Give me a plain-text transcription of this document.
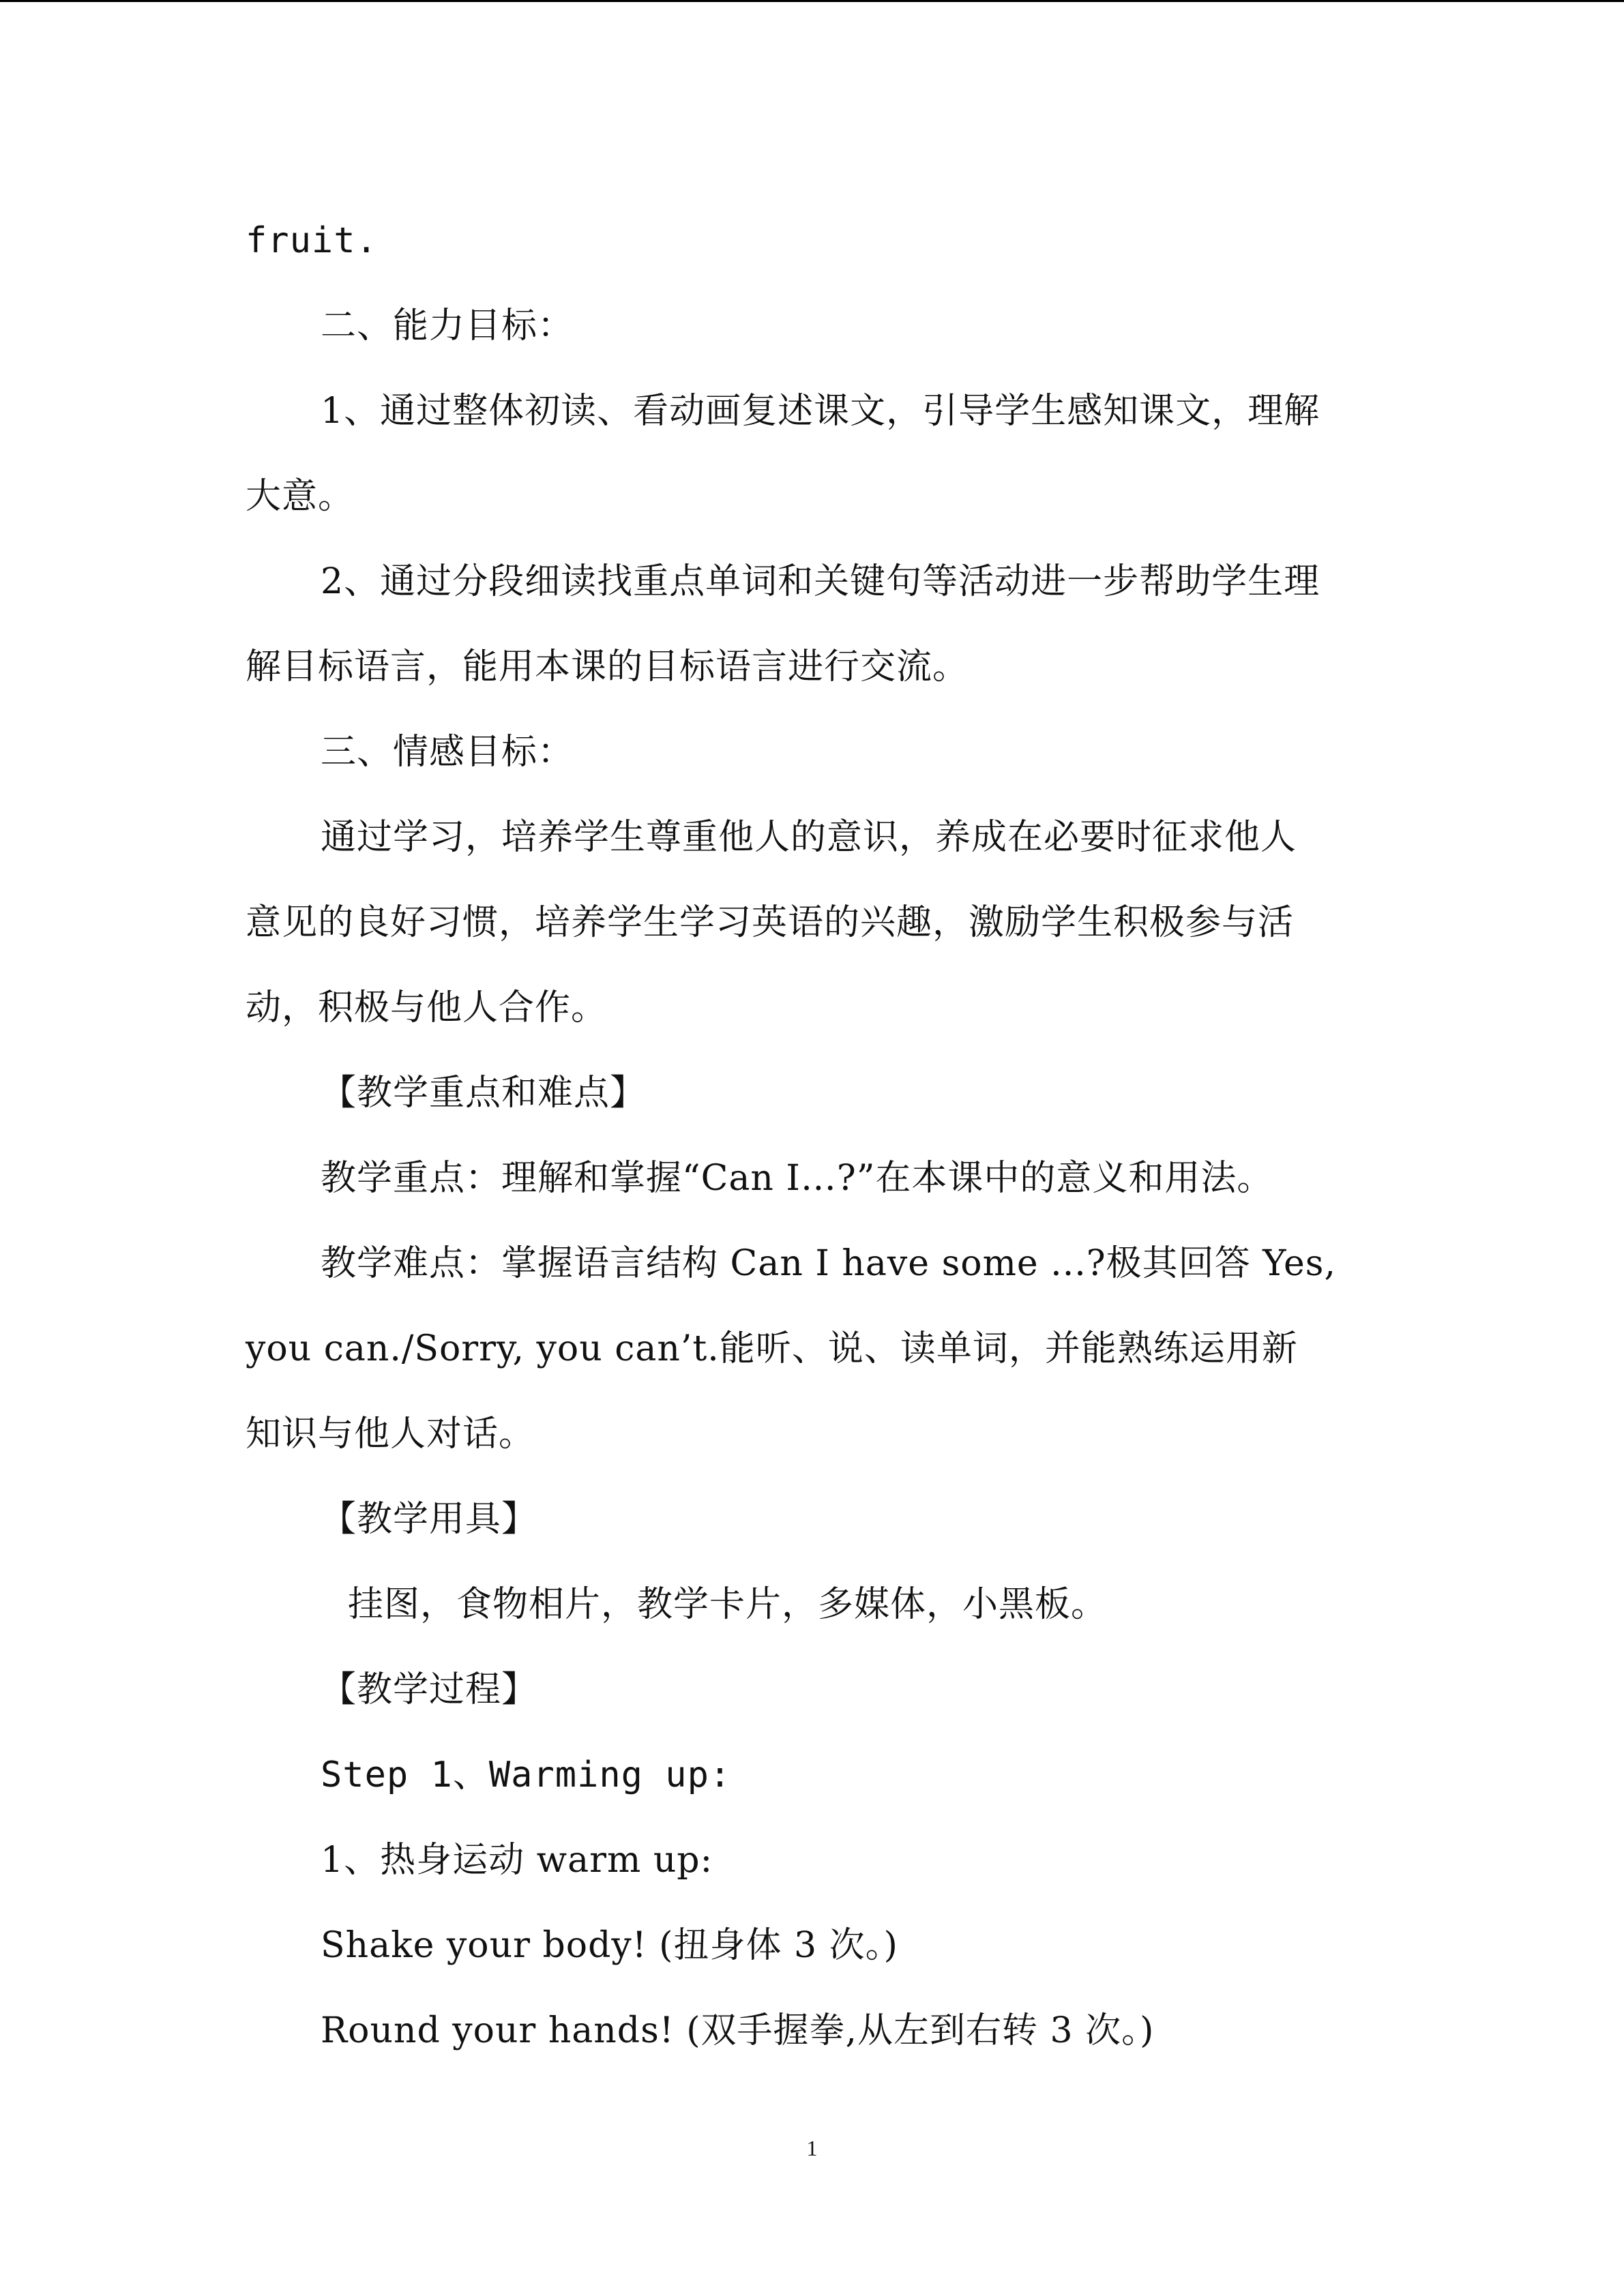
fruit.
二、能力目标：
1、通过整体初读、看动画复述课文，引导学生感知课文，理解
大意。
2、通过分段细读找重点单词和关键句等活动进一步帮助学生理
解目标语言，能用本课的目标语言进行交流。
三、情感目标：
通过学习，培养学生尊重他人的意识，养成在必要时征求他人
意见的良好习惯，培养学生学习英语的兴趣，激励学生积极参与活
动，积极与他人合作。
【教学重点和难点】
教学重点：理解和掌握“Can I…?”在本课中的意义和用法。
教学难点：掌握语言结构 Can I have some ...?极其回答 Yes,
you can./Sorry, you can’t.能听、说、读单词，并能熟练运用新
知识与他人对话。
【教学用具】
挂图，食物相片，教学卡片，多媒体，小黑板。
【教学过程】
Step 1、Warming up:
1、热身运动 warm up:
Shake your body! (扭身体 3 次。)
Round your hands! (双手握拳,从左到右转 3 次。)
1
